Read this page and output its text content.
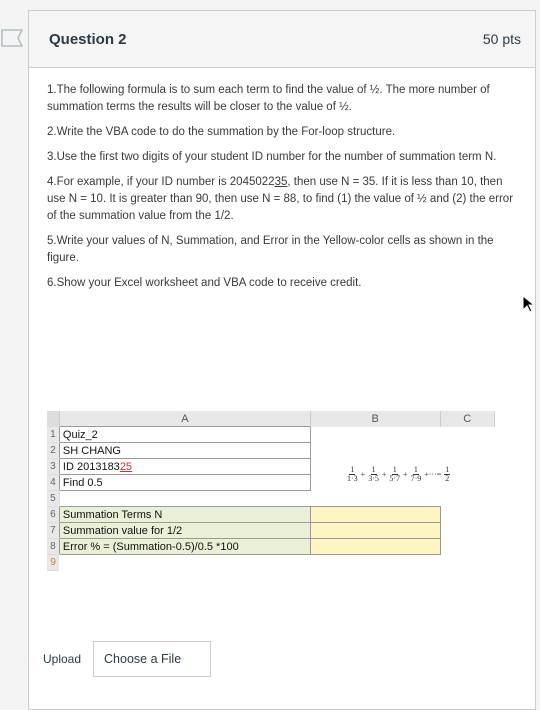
Question 2	50 pts

1.The following formula is to sum each term to find the value of ½. The more number of summation terms the results will be closer to the value of ½.

2.Write the VBA code to do the summation by the For-loop structure.

3.Use the first two digits of your student ID number for the number of summation term N.

4.For example, if your ID number is 204502235, then use N = 35. If it is less than 10, then use N = 10. It is greater than 90, then use N = 88, to find (1) the value of ½ and (2) the error of the summation value from the 1/2.

5.Write your values of N, Summation, and Error in the Yellow-color cells as shown in the figure.

6.Show your Excel worksheet and VBA code to receive credit.

	A	B	C
1	Quiz_2		
2	SH CHANG		
3	ID 201318325		
4	Find 0.5		
5			
6	Summation Terms N		
7	Summation value for 1/2		
8	Error % = (Summation-0.5)/0.5 *100		
9			
$\frac{1}{1\cdot 3} + \frac{1}{3\cdot 5} + \frac{1}{5\cdot 7} + \frac{1}{7\cdot 9}$ +···= $\frac{1}{2}$
Upload	Choose a File
